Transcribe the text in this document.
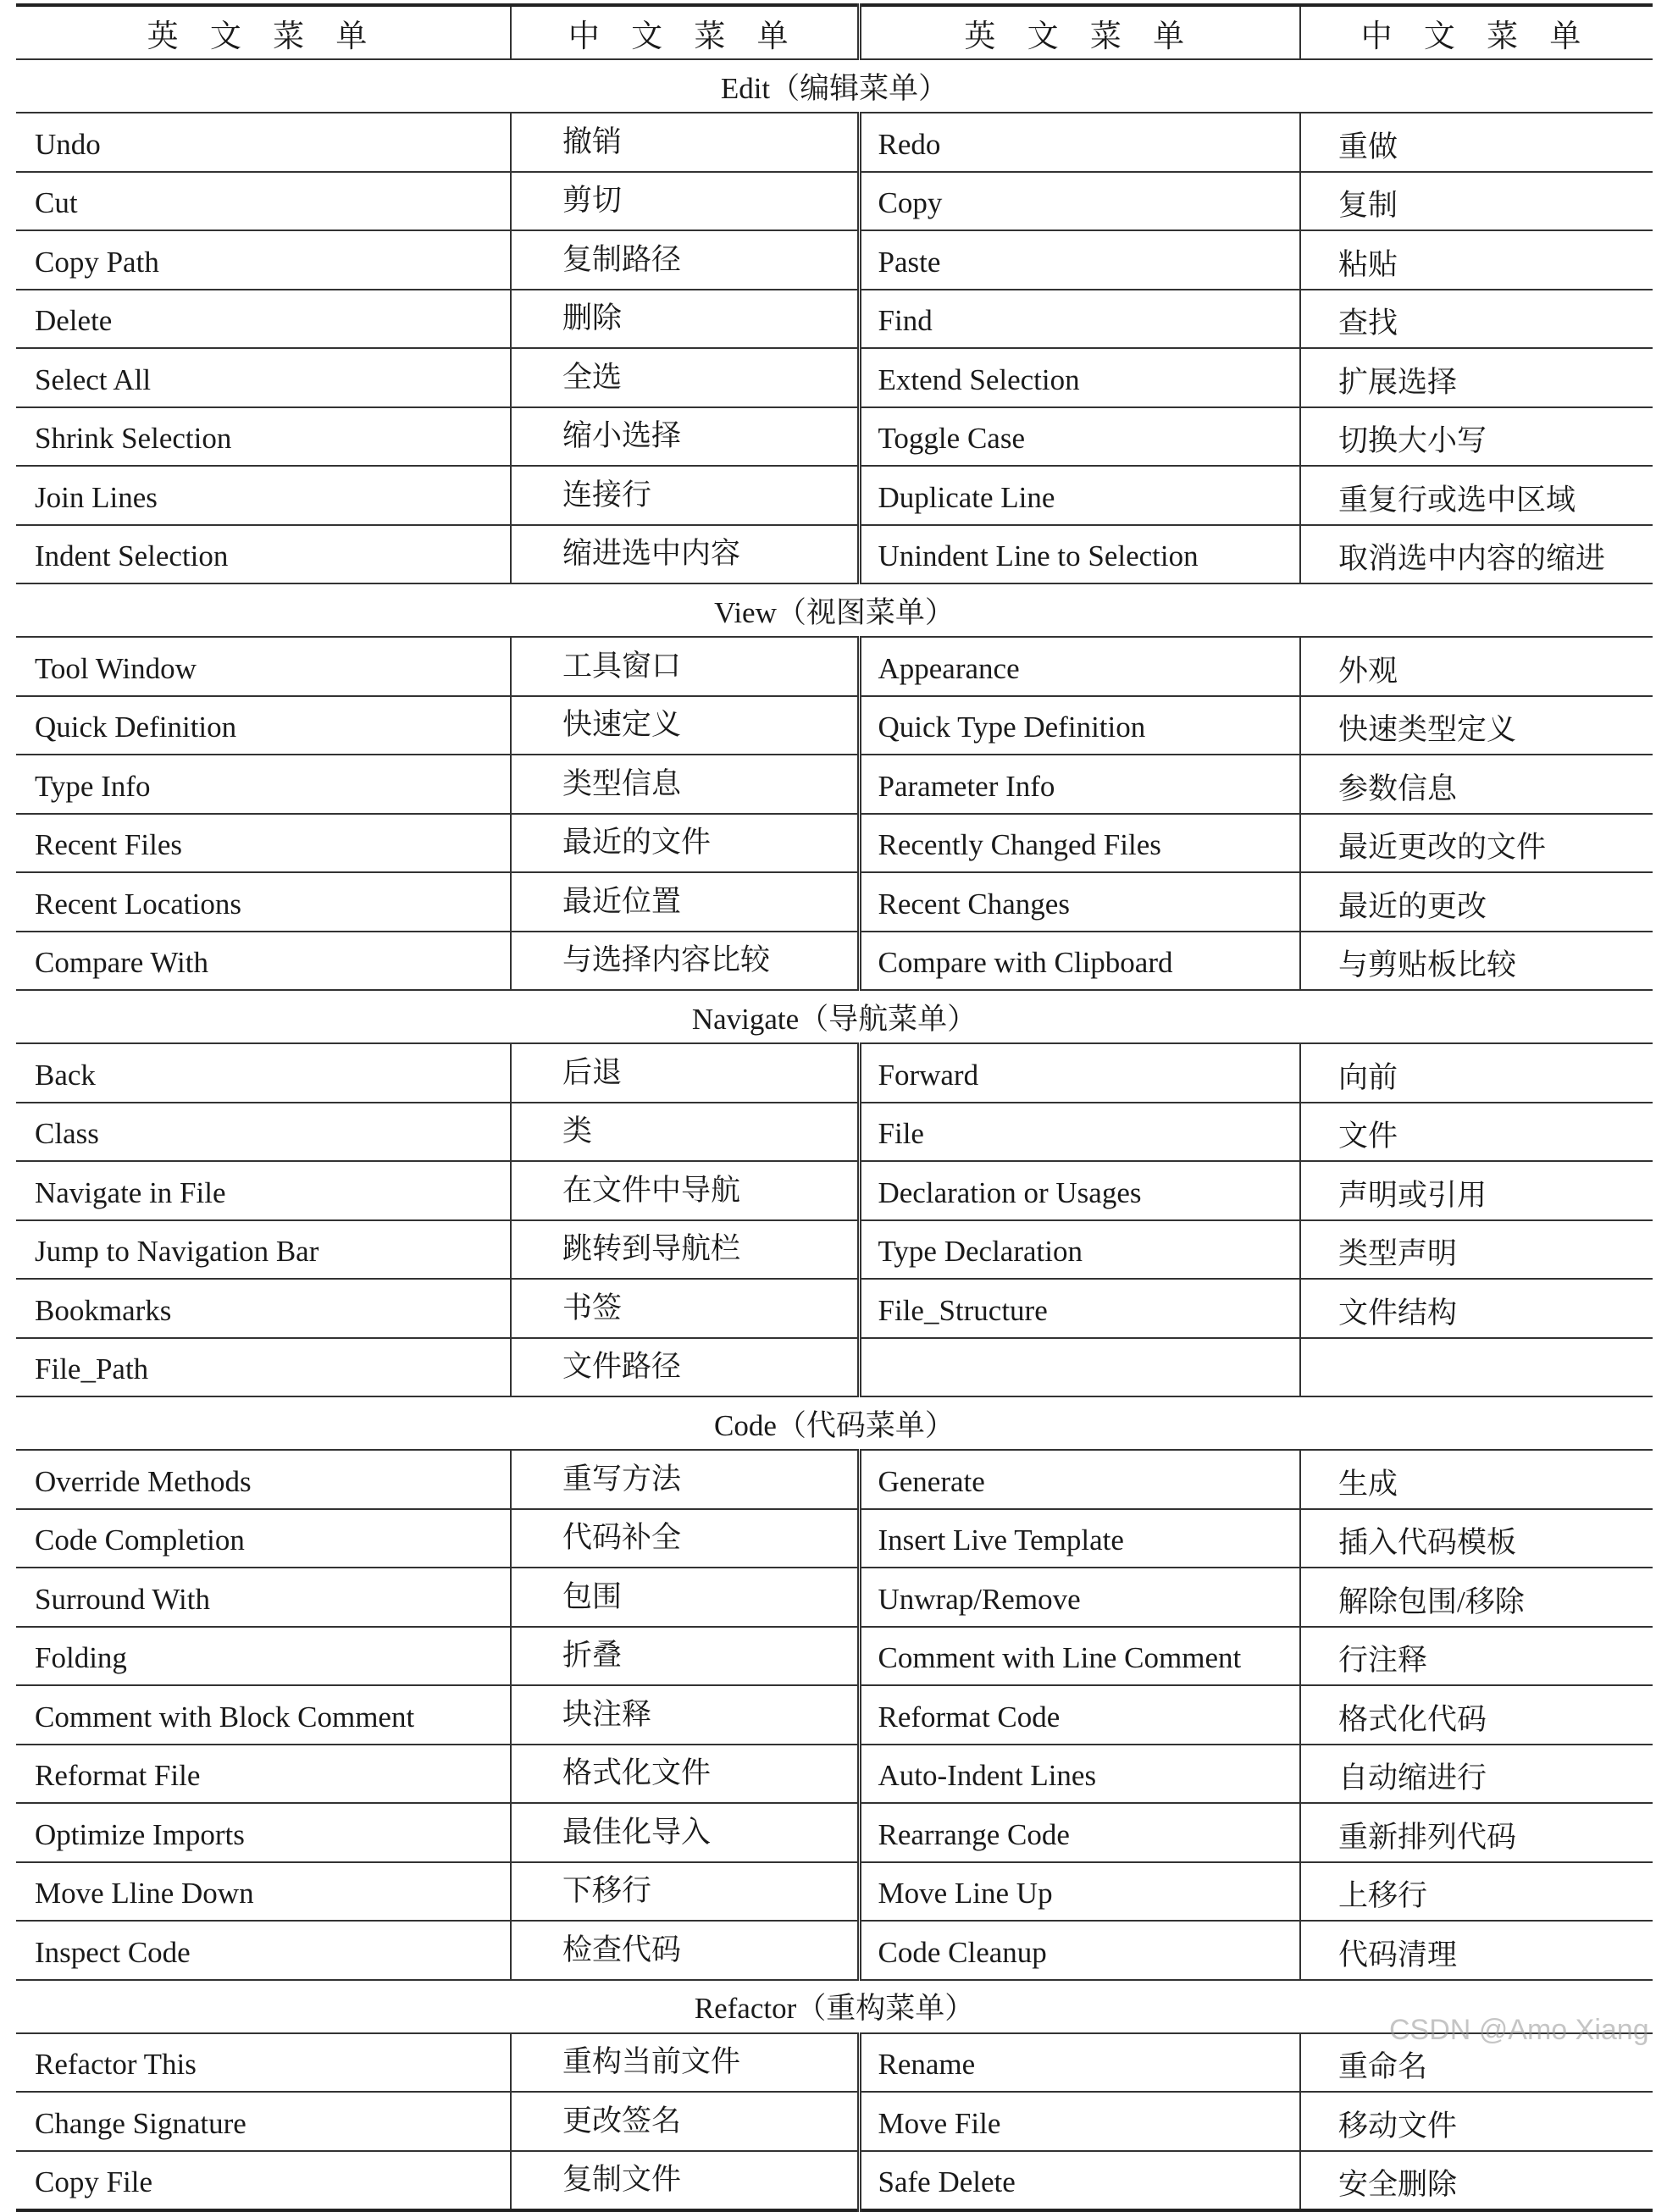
英 文 菜 单	中 文 菜 单	英 文 菜 单	中 文 菜 单
Edit（编辑菜单）			
Undo	撤销	Redo	重做
Cut	剪切	Copy	复制
Copy Path	复制路径	Paste	粘贴
Delete	删除	Find	查找
Select All	全选	Extend Selection	扩展选择
Shrink Selection	缩小选择	Toggle Case	切换大小写
Join Lines	连接行	Duplicate Line	重复行或选中区域
Indent Selection	缩进选中内容	Unindent Line to Selection	取消选中内容的缩进
View（视图菜单）			
Tool Window	工具窗口	Appearance	外观
Quick Definition	快速定义	Quick Type Definition	快速类型定义
Type Info	类型信息	Parameter Info	参数信息
Recent Files	最近的文件	Recently Changed Files	最近更改的文件
Recent Locations	最近位置	Recent Changes	最近的更改
Compare With	与选择内容比较	Compare with Clipboard	与剪贴板比较
Navigate（导航菜单）			
Back	后退	Forward	向前
Class	类	File	文件
Navigate in File	在文件中导航	Declaration or Usages	声明或引用
Jump to Navigation Bar	跳转到导航栏	Type Declaration	类型声明
Bookmarks	书签	File_Structure	文件结构
File_Path	文件路径		
Code（代码菜单）			
Override Methods	重写方法	Generate	生成
Code Completion	代码补全	Insert Live Template	插入代码模板
Surround With	包围	Unwrap/Remove	解除包围/移除
Folding	折叠	Comment with Line Comment	行注释
Comment with Block Comment	块注释	Reformat Code	格式化代码
Reformat File	格式化文件	Auto-Indent Lines	自动缩进行
Optimize Imports	最佳化导入	Rearrange Code	重新排列代码
Move Lline Down	下移行	Move Line Up	上移行
Inspect Code	检查代码	Code Cleanup	代码清理
Refactor（重构菜单）			
Refactor This	重构当前文件	Rename	重命名
Change Signature	更改签名	Move File	移动文件
Copy File	复制文件	Safe Delete	安全删除
CSDN @Amo Xiang
